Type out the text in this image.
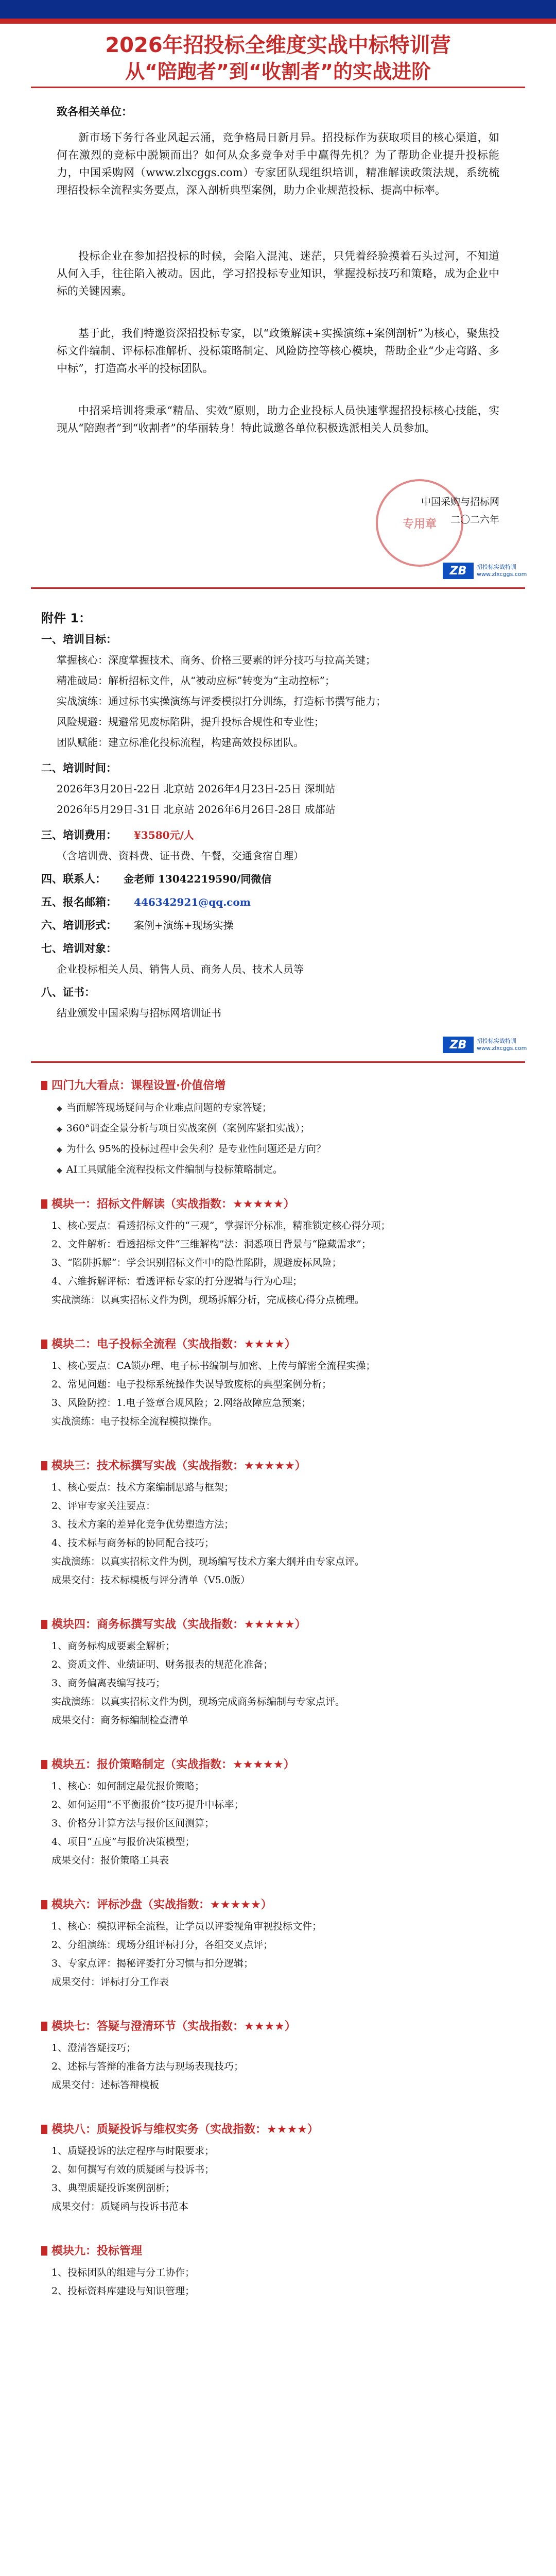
2026年招投标全维度实战中标特训营
从“陪跑者”到“收割者”的实战进阶
致各相关单位：
新市场下务行各业风起云涌，竞争格局日新月异。招投标作为获取项目的核心渠道，如何在激烈的竞标中脱颖而出？如何从众多竞争对手中赢得先机？为了帮助企业提升投标能力，中国采购网（www.zlxcggs.com）专家团队现组织培训，精准解读政策法规，系统梳理招投标全流程实务要点，深入剖析典型案例，助力企业规范投标、提高中标率。
投标企业在参加招投标的时候，会陷入混沌、迷茫，只凭着经验摸着石头过河，不知道从何入手，往往陷入被动。因此，学习招投标专业知识，掌握投标技巧和策略，成为企业中标的关键因素。
基于此，我们特邀资深招投标专家，以“政策解读+实操演练+案例剖析”为核心，聚焦投标文件编制、评标标准解析、投标策略制定、风险防控等核心模块，帮助企业“少走弯路、多中标”，打造高水平的投标团队。
中招采培训将秉承“精品、实效”原则，助力企业投标人员快速掌握招投标核心技能，实现从“陪跑者”到“收割者”的华丽转身！特此诚邀各单位积极选派相关人员参加。
专用章
中国采购与招标网
二〇二六年
ZB	招投标实战特训
www.zlxcggs.com
附件 1：
一、培训目标：
掌握核心：深度掌握技术、商务、价格三要素的评分技巧与拉高关键；
精准破局：解析招标文件，从“被动应标”转变为“主动控标”；
实战演练：通过标书实操演练与评委模拟打分训练，打造标书撰写能力；
风险规避：规避常见废标陷阱，提升投标合规性和专业性；
团队赋能：建立标准化投标流程，构建高效投标团队。
二、培训时间：
2026年3月20日-22日 北京站 2026年4月23日-25日 深圳站
2026年5月29日-31日 北京站 2026年6月26日-28日 成都站
三、培训费用： ¥3580元/人
（含培训费、资料费、证书费、午餐，交通食宿自理）
四、联系人： 金老师 13042219590/同微信
五、报名邮箱： 446342921@qq.com
六、培训形式： 案例+演练+现场实操
七、培训对象：
企业投标相关人员、销售人员、商务人员、技术人员等
八、证书：
结业颁发中国采购与招标网培训证书
ZB	招投标实战特训
www.zlxcggs.com
四门九大看点：课程设置·价值倍增
◆ 当面解答现场疑问与企业难点问题的专家答疑；
◆ 360°调查全景分析与项目实战案例（案例库紧扣实战）；
◆ 为什么 95%的投标过程中会失利？是专业性问题还是方向？
◆ AI工具赋能全流程投标文件编制与投标策略制定。
模块一：招标文件解读（实战指数：★★★★★）
1、核心要点：看透招标文件的“三观”，掌握评分标准，精准锁定核心得分项；
2、文件解析：看透招标文件“三维解构”法：洞悉项目背景与“隐藏需求”；
3、“陷阱拆解”：学会识别招标文件中的隐性陷阱，规避废标风险；
4、六维拆解评标：看透评标专家的打分逻辑与行为心理；
实战演练：以真实招标文件为例，现场拆解分析，完成核心得分点梳理。
模块二：电子投标全流程（实战指数：★★★★）
1、核心要点：CA锁办理、电子标书编制与加密、上传与解密全流程实操；
2、常见问题：电子投标系统操作失误导致废标的典型案例分析；
3、风险防控：1.电子签章合规风险；2.网络故障应急预案；
实战演练：电子投标全流程模拟操作。
模块三：技术标撰写实战（实战指数：★★★★★）
1、核心要点：技术方案编制思路与框架；
2、评审专家关注要点：
3、技术方案的差异化竞争优势塑造方法；
4、技术标与商务标的协同配合技巧；
实战演练：以真实招标文件为例，现场编写技术方案大纲并由专家点评。
成果交付：技术标模板与评分清单（V5.0版）
模块四：商务标撰写实战（实战指数：★★★★★）
1、商务标构成要素全解析；
2、资质文件、业绩证明、财务报表的规范化准备；
3、商务偏离表编写技巧；
实战演练：以真实招标文件为例，现场完成商务标编制与专家点评。
成果交付：商务标编制检查清单
模块五：报价策略制定（实战指数：★★★★★）
1、核心：如何制定最优报价策略；
2、如何运用“不平衡报价”技巧提升中标率；
3、价格分计算方法与报价区间测算；
4、项目“五度”与报价决策模型；
成果交付：报价策略工具表
模块六：评标沙盘（实战指数：★★★★★）
1、核心：模拟评标全流程，让学员以评委视角审视投标文件；
2、分组演练：现场分组评标打分，各组交叉点评；
3、专家点评：揭秘评委打分习惯与扣分逻辑；
成果交付：评标打分工作表
模块七：答疑与澄清环节（实战指数：★★★★）
1、澄清答疑技巧；
2、述标与答辩的准备方法与现场表现技巧；
成果交付：述标答辩模板
模块八：质疑投诉与维权实务（实战指数：★★★★）
1、质疑投诉的法定程序与时限要求；
2、如何撰写有效的质疑函与投诉书；
3、典型质疑投诉案例剖析；
成果交付：质疑函与投诉书范本
模块九：投标管理
1、投标团队的组建与分工协作；
2、投标资料库建设与知识管理；
